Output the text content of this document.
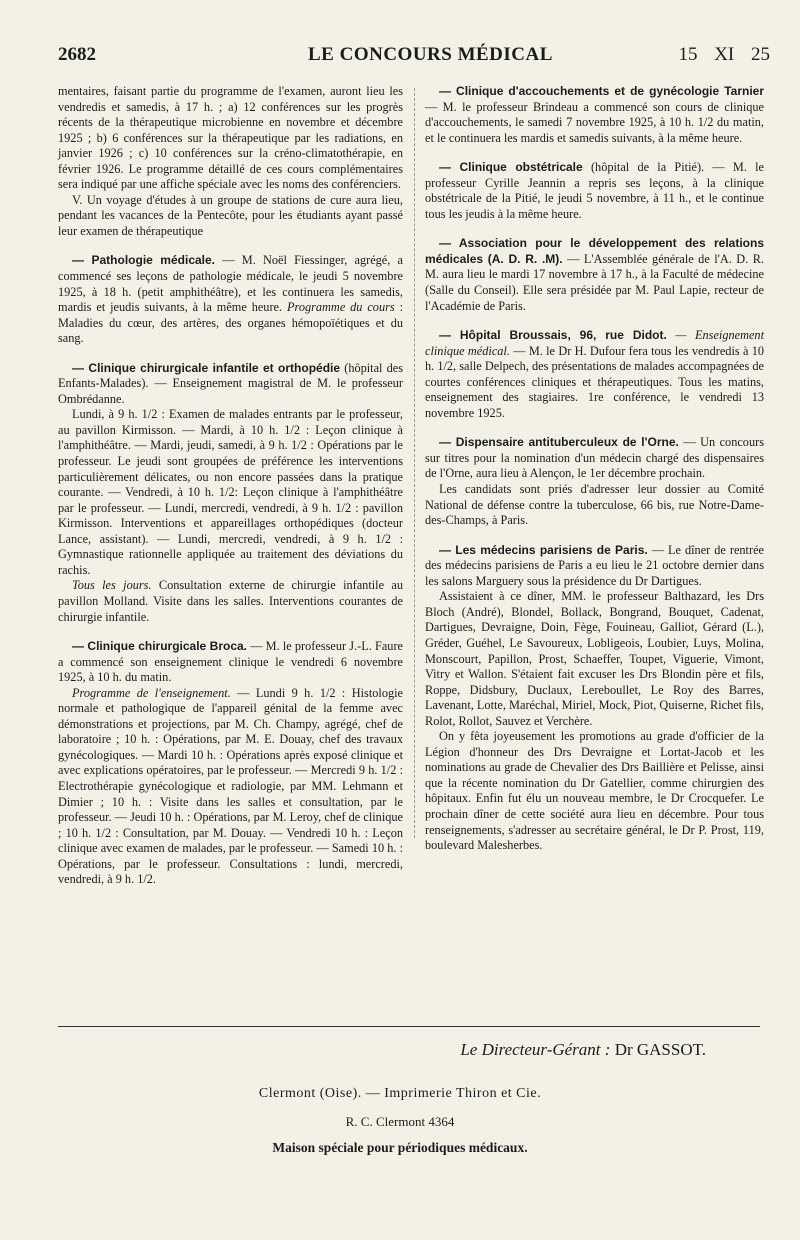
2682	LE CONCOURS MÉDICAL	15 XI 25

mentaires, faisant partie du programme de l'examen, auront lieu les vendredis et samedis, à 17 h. ; a) 12 conférences sur les progrès récents de la thérapeutique microbienne en novembre et décembre 1925 ; b) 6 conférences sur la thérapeutique par les radiations, en janvier 1926 ; c) 10 conférences sur la créno-climatothérapie, en février 1926. Le programme détaillé de ces cours complémentaires sera indiqué par une affiche spéciale avec les noms des conférenciers.

V. Un voyage d'études à un groupe de stations de cure aura lieu, pendant les vacances de la Pentecôte, pour les étudiants ayant passé leur examen de thérapeutique

— Pathologie médicale. — M. Noël Fiessinger, agrégé, a commencé ses leçons de pathologie médicale, le jeudi 5 novembre 1925, à 18 h. (petit amphithéâtre), et les continuera les samedis, mardis et jeudis suivants, à la même heure. Programme du cours : Maladies du cœur, des artères, des organes hémopoïétiques et du sang.

— Clinique chirurgicale infantile et orthopédie (hôpital des Enfants-Malades). — Enseignement magistral de M. le professeur Ombrédanne.

Lundi, à 9 h. 1/2 : Examen de malades entrants par le professeur, au pavillon Kirmisson. — Mardi, à 10 h. 1/2 : Leçon clinique à l'amphithéâtre. — Mardi, jeudi, samedi, à 9 h. 1/2 : Opérations par le professeur. Le jeudi sont groupées de préférence les interventions particulièrement délicates, ou non encore passées dans la pratique courante. — Vendredi, à 10 h. 1/2: Leçon clinique à l'amphithéâtre par le professeur. — Lundi, mercredi, vendredi, à 9 h. 1/2 : pavillon Kirmisson. Interventions et appareillages orthopédiques (docteur Lance, assistant). — Lundi, mercredi, vendredi, à 9 h. 1/2 : Gymnastique rationnelle appliquée au traitement des déviations du rachis.

Tous les jours. Consultation externe de chirurgie infantile au pavillon Molland. Visite dans les salles. Interventions courantes de chirurgie infantile.

— Clinique chirurgicale Broca. — M. le professeur J.-L. Faure a commencé son enseignement clinique le vendredi 6 novembre 1925, à 10 h. du matin.

Programme de l'enseignement. — Lundi 9 h. 1/2 : Histologie normale et pathologique de l'appareil génital de la femme avec démonstrations et projections, par M. Ch. Champy, agrégé, chef de laboratoire ; 10 h. : Opérations, par M. E. Douay, chef des travaux gynécologiques. — Mardi 10 h. : Opérations après exposé clinique et avec explications opératoires, par le professeur. — Mercredi 9 h. 1/2 : Electrothérapie gynécologique et radiologie, par MM. Lehmann et Dimier ; 10 h. : Visite dans les salles et consultation, par le professeur. — Jeudi 10 h. : Opérations, par M. Leroy, chef de clinique ; 10 h. 1/2 : Consultation, par M. Douay. — Vendredi 10 h. : Leçon clinique avec examen de malades, par le professeur. — Samedi 10 h. : Opérations, par le professeur. Consultations : lundi, mercredi, vendredi, à 9 h. 1/2.

— Clinique d'accouchements et de gynécologie Tarnier — M. le professeur Brindeau a commencé son cours de clinique d'accouchements, le samedi 7 novembre 1925, à 10 h. 1/2 du matin, et le continuera les mardis et samedis suivants, à la même heure.

— Clinique obstétricale (hôpital de la Pitié). — M. le professeur Cyrille Jeannin a repris ses leçons, à la clinique obstétricale de la Pitié, le jeudi 5 novembre, à 11 h., et le continue tous les jeudis à la même heure.

— Association pour le développement des relations médicales (A. D. R. .M). — L'Assemblée générale de l'A. D. R. M. aura lieu le mardi 17 novembre à 17 h., à la Faculté de médecine (Salle du Conseil). Elle sera présidée par M. Paul Lapie, recteur de l'Académie de Paris.

— Hôpital Broussais, 96, rue Didot. — Enseignement clinique médical. — M. le Dr H. Dufour fera tous les vendredis à 10 h. 1/2, salle Delpech, des présentations de malades accompagnées de courtes conférences cliniques et thérapeutiques. Tous les matins, enseignement des stagiaires. 1re conférence, le vendredi 13 novembre 1925.

— Dispensaire antituberculeux de l'Orne. — Un concours sur titres pour la nomination d'un médecin chargé des dispensaires de l'Orne, aura lieu à Alençon, le 1er décembre prochain.

Les candidats sont priés d'adresser leur dossier au Comité National de défense contre la tuberculose, 66 bis, rue Notre-Dame-des-Champs, à Paris.

— Les médecins parisiens de Paris. — Le dîner de rentrée des médecins parisiens de Paris a eu lieu le 21 octobre dernier dans les salons Marguery sous la présidence du Dr Dartigues.

Assistaient à ce dîner, MM. le professeur Balthazard, les Drs Bloch (André), Blondel, Bollack, Bongrand, Bouquet, Cadenat, Dartigues, Devraigne, Doin, Fège, Fouineau, Galliot, Gérard (L.), Gréder, Guéhel, Le Savoureux, Lobligeois, Loubier, Luys, Molina, Monscourt, Papillon, Prost, Schaeffer, Toupet, Viguerie, Vimont, Vitry et Wallon. S'étaient fait excuser les Drs Blondin père et fils, Roppe, Didsbury, Duclaux, Lereboullet, Le Roy des Barres, Lavenant, Lotte, Maréchal, Miriel, Mock, Piot, Quiserne, Richet fils, Rolot, Rollot, Sauvez et Verchère.

On y fêta joyeusement les promotions au grade d'officier de la Légion d'honneur des Drs Devraigne et Lortat-Jacob et les nominations au grade de Chevalier des Drs Baillière et Pelisse, ainsi que la récente nomination du Dr Gatellier, comme chirurgien des hôpitaux. Enfin fut élu un nouveau membre, le Dr Crocquefer. Le prochain dîner de cette société aura lieu en décembre. Pour tous renseignements, s'adresser au secrétaire général, le Dr P. Prost, 119, boulevard Malesherbes.

Le Directeur-Gérant : Dr GASSOT.
Clermont (Oise). — Imprimerie Thiron et Cie.
R. C. Clermont 4364
Maison spéciale pour périodiques médicaux.
